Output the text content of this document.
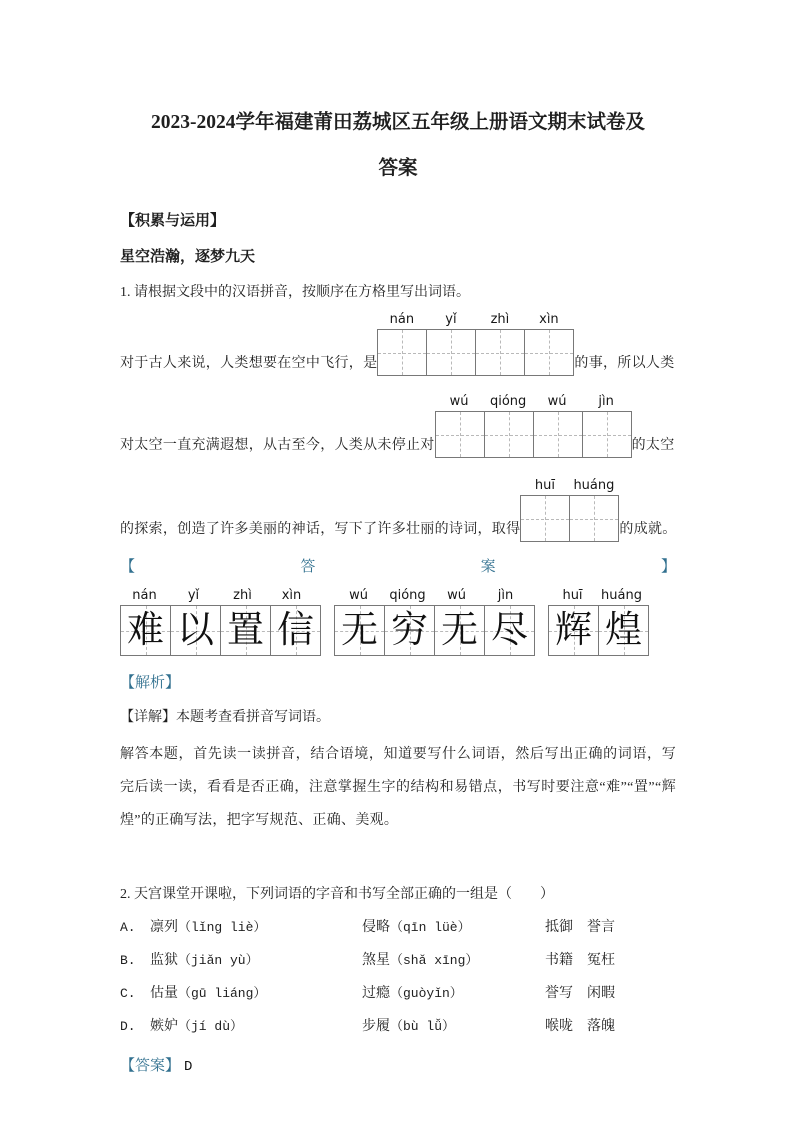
2023-2024学年福建莆田荔城区五年级上册语文期末试卷及
答案
【积累与运用】
星空浩瀚，逐梦九天
1. 请根据文段中的汉语拼音，按顺序在方格里写出词语。
对于古人来说，人类想要在空中飞行，是
nán	yǐ	zhì	xìn
的事，所以人类
对太空一直充满遐想，从古至今，人类从未停止对
wú	qióng	wú	jìn
的太空
的探索，创造了许多美丽的神话，写下了许多壮丽的诗词，取得
huī	huáng
的成就。
【	答	案	】
nán	yǐ	zhì	xìn
难 以 置 信
wú	qióng	wú	jìn
无 穷 无 尽
huī	huáng
辉 煌
【解析】
【详解】本题考查看拼音写词语。
解答本题，首先读一读拼音，结合语境，知道要写什么词语，然后写出正确的词语，写完后读一读，看看是否正确，注意掌握生字的结构和易错点，书写时要注意“难”“置”“辉煌”的正确写法，把字写规范、正确、美观。
2. 天宫课堂开课啦，下列词语的字音和书写全部正确的一组是（　　）
A.	凛列（lǐng liè）	侵略（qīn lüè）	抵御　誉言
B.	监狱（jiǎn yù）	煞星（shǎ xīng）	书籍　冤枉
C.	估量（gū liáng）	过瘾（guòyǐn）	誉写　闲暇
D.	嫉妒（jí dù）	步履（bù lǚ）	喉咙　落魄
【答案】 D
